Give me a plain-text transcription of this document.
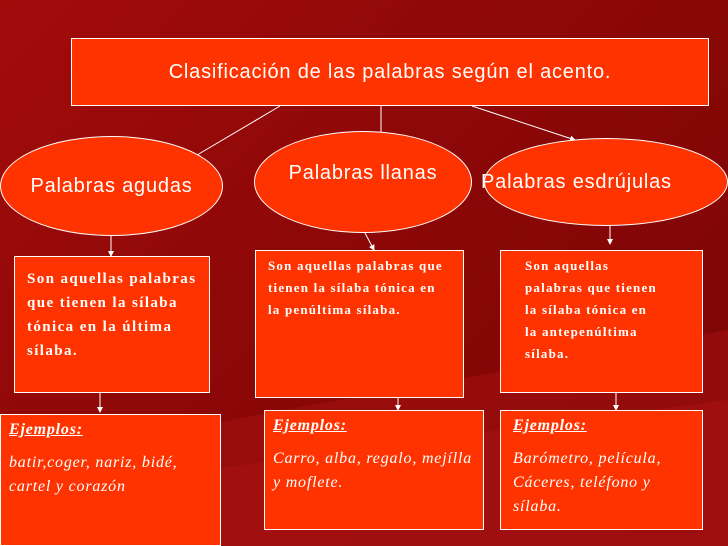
Clasificación de las palabras según el acento.
Palabras agudas
Palabras llanas Palabras esdrújulas
Son aquellas palabras que tienen la sílaba tónica en la última sílaba.
Son aquellas palabras que tienen la sílaba tónica en la penúltima sílaba.
Son aquellas palabras que tienen la sílaba tónica en la antepenúltima sílaba.
Ejemplos:
batir,coger, nariz, bidé, cartel y corazón
Ejemplos:
Carro, alba, regalo, mejílla y moflete.
Ejemplos:
Barómetro, película, Cáceres, teléfono y sílaba.
